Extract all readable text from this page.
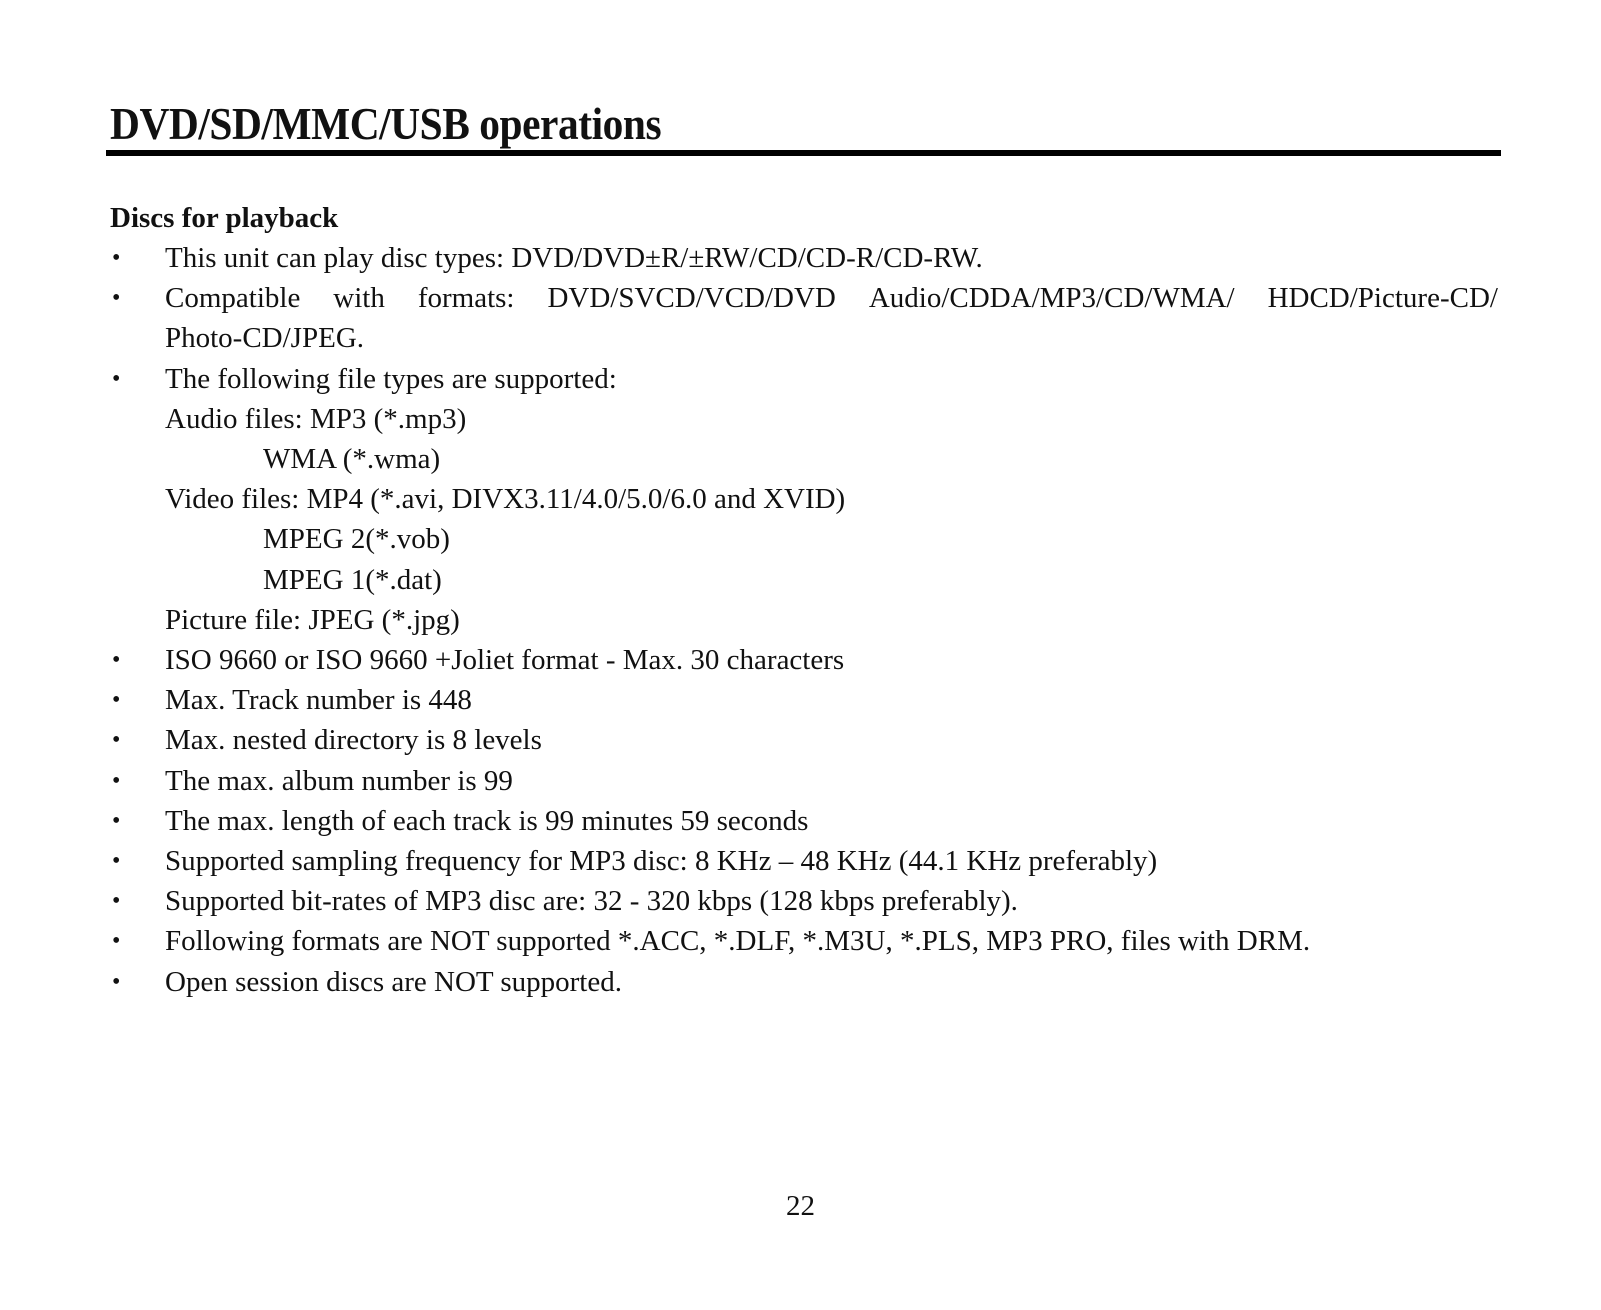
DVD/SD/MMC/USB operations
Discs for playback
• This unit can play disc types: DVD/DVD±R/±RW/CD/CD-R/CD-RW.
• Compatible with formats: DVD/SVCD/VCD/DVD Audio/CDDA/MP3/CD/WMA/ HDCD/Picture-CD/
Photo-CD/JPEG.
• The following file types are supported:
Audio files: MP3 (*.mp3)
WMA (*.wma)
Video files: MP4 (*.avi, DIVX3.11/4.0/5.0/6.0 and XVID)
MPEG 2(*.vob)
MPEG 1(*.dat)
Picture file: JPEG (*.jpg)
• ISO 9660 or ISO 9660 +Joliet format - Max. 30 characters
• Max. Track number is 448
• Max. nested directory is 8 levels
• The max. album number is 99
• The max. length of each track is 99 minutes 59 seconds
• Supported sampling frequency for MP3 disc: 8 KHz – 48 KHz (44.1 KHz preferably)
• Supported bit-rates of MP3 disc are: 32 - 320 kbps (128 kbps preferably).
• Following formats are NOT supported *.ACC, *.DLF, *.M3U, *.PLS, MP3 PRO, files with DRM.
• Open session discs are NOT supported.
22
